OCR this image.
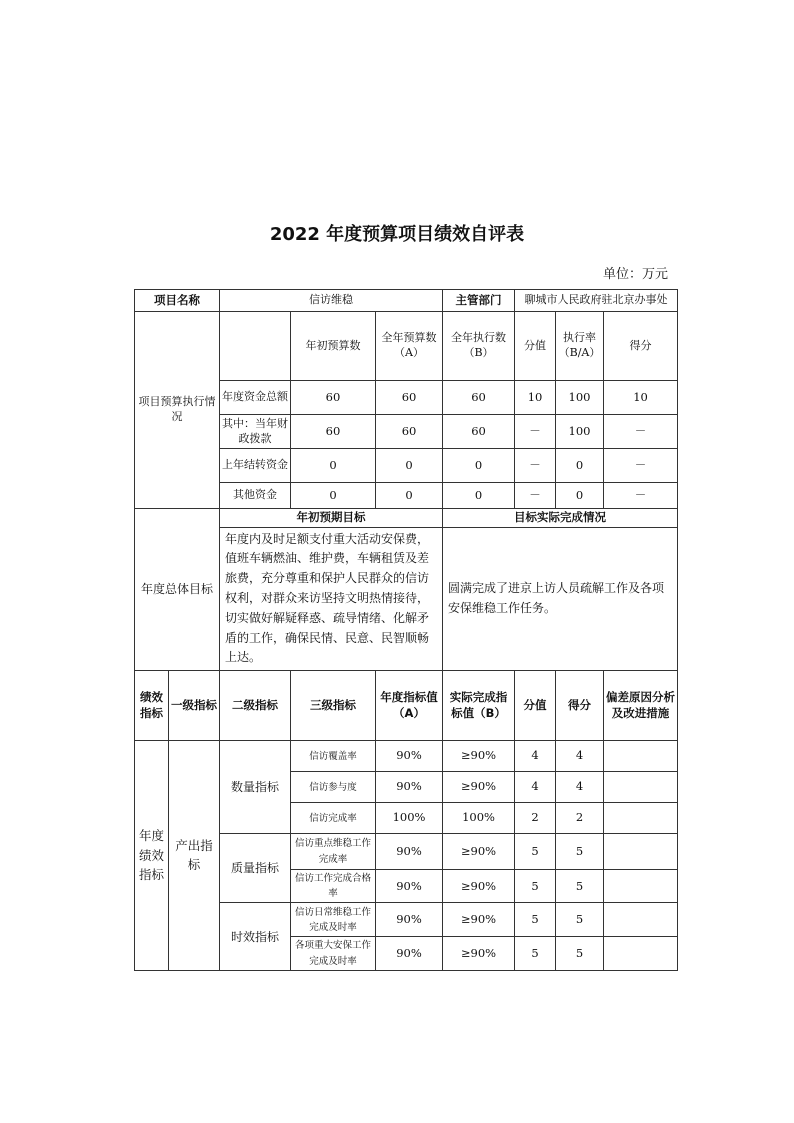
2022 年度预算项目绩效自评表
单位：万元
项目名称		信访维稳			主管部门	聊城市人民政府驻北京办事处		
项目预算执行情况			年初预算数	全年预算数（A）	全年执行数（B）	分值	执行率（B/A）	得分
		年度资金总额	60	60	60	10	100	10
		其中：当年财政拨款	60	60	60	－	100	－
		上年结转资金	0	0	0	－	0	－
		其他资金	0	0	0	－	0	－
年度总体目标		年初预期目标			目标实际完成情况			
		年度内及时足额支付重大活动安保费，值班车辆燃油、维护费，车辆租赁及差旅费，充分尊重和保护人民群众的信访权利，对群众来访坚持文明热情接待，切实做好解疑释惑、疏导情绪、化解矛盾的工作，确保民情、民意、民智顺畅上达。			圆满完成了进京上访人员疏解工作及各项安保维稳工作任务。			
绩效指标	一级指标	二级指标	三级指标	年度指标值（A）	实际完成指标值（B）	分值	得分	偏差原因分析及改进措施
年度绩效指标	产出指标	数量指标	信访覆盖率	90%	≥90%	4	4	
			信访参与度	90%	≥90%	4	4	
			信访完成率	100%	100%	2	2	
		质量指标	信访重点维稳工作完成率	90%	≥90%	5	5	
			信访工作完成合格率	90%	≥90%	5	5	
		时效指标	信访日常维稳工作完成及时率	90%	≥90%	5	5	
			各项重大安保工作完成及时率	90%	≥90%	5	5	
